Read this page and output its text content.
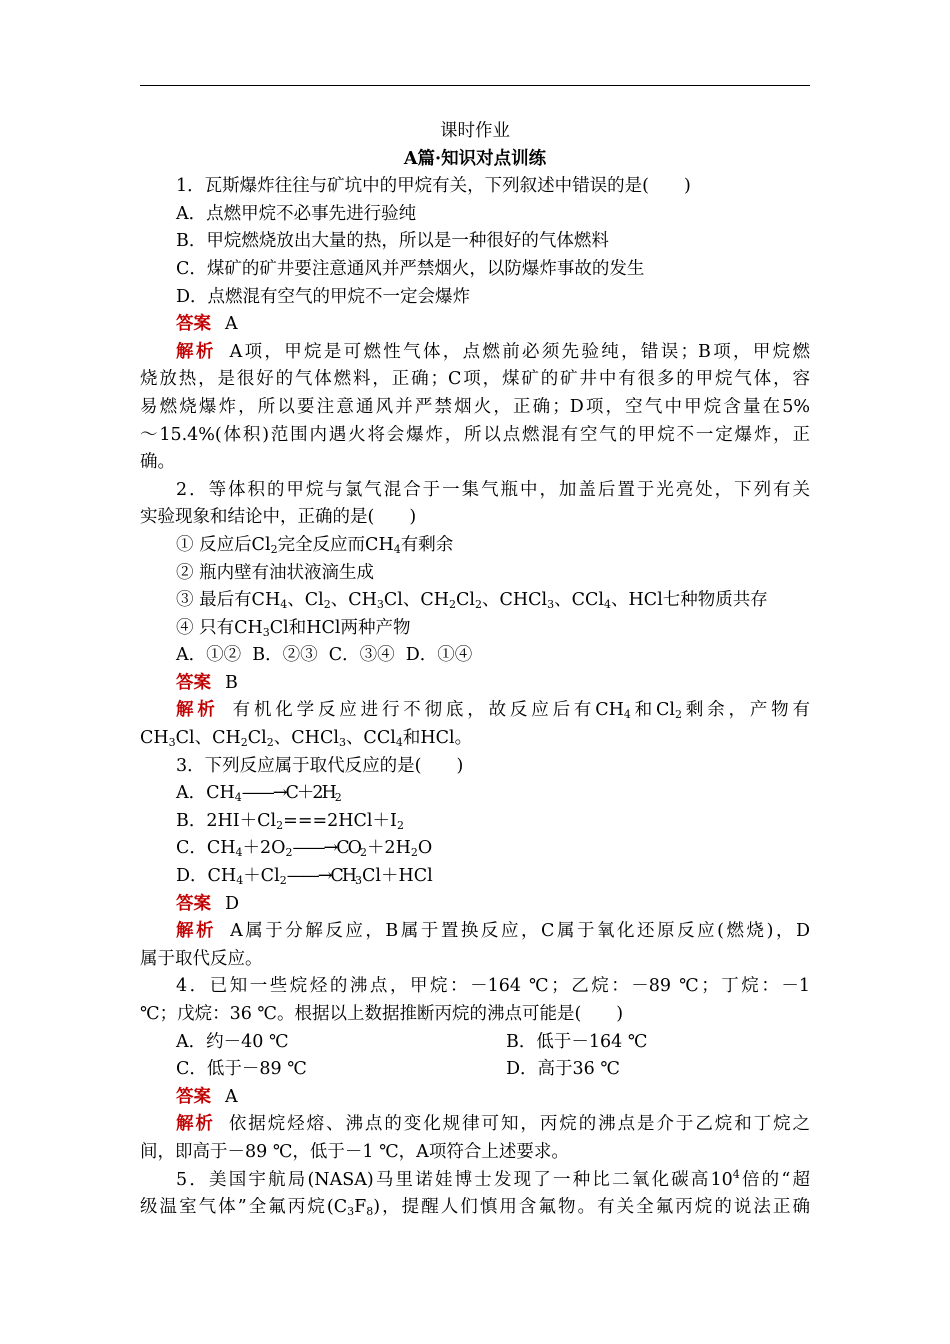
课时作业
A篇·知识对点训练
1．瓦斯爆炸往往与矿坑中的甲烷有关，下列叙述中错误的是(　　)
A．点燃甲烷不必事先进行验纯
B．甲烷燃烧放出大量的热，所以是一种很好的气体燃料
C．煤矿的矿井要注意通风并严禁烟火，以防爆炸事故的发生
D．点燃混有空气的甲烷不一定会爆炸
答案 A
解析 A项，甲烷是可燃性气体，点燃前必须先验纯，错误；B项，甲烷燃
烧放热，是很好的气体燃料，正确；C项，煤矿的矿井中有很多的甲烷气体，容
易燃烧爆炸，所以要注意通风并严禁烟火，正确；D项，空气中甲烷含量在5%
～15.4%(体积)范围内遇火将会爆炸，所以点燃混有空气的甲烷不一定爆炸，正
确。
2．等体积的甲烷与氯气混合于一集气瓶中，加盖后置于光亮处，下列有关
实验现象和结论中，正确的是(　　)
① 反应后$Cl_2$完全反应而$CH_4$有剩余
② 瓶内壁有油状液滴生成
③ 最后有$CH_4$、$Cl_2$、$CH_3Cl$、$CH_2Cl_2$、CHCl$_3$、CCl$_4$、HCl七种物质共存
④ 只有$CH_3Cl$和HCl两种产物
A．①②  B．②③  C．③④  D．①④
答案 B
解析 有机化学反应进行不彻底，故反应后有$CH_4$和$Cl_2$剩余，产物有
$CH_3Cl$、$CH_2Cl_2$、CHCl$_3$、CCl$_4$和HCl。
3．下列反应属于取代反应的是(　　)
A．$CH_4——\to C+2H_2$
B．$2HI+Cl_2===2HCl+I_2$
C．$CH_4+2O_2——\to CO_2+2H_2O$
D．$CH_4+Cl_2——\to CH_3Cl+HCl$
答案 D
解析 A属于分解反应，B属于置换反应，C属于氧化还原反应(燃烧)，D
属于取代反应。
4．已知一些烷烃的沸点，甲烷：－164 ℃；乙烷：－89 ℃；丁烷：－1
℃；戊烷：36 ℃。根据以上数据推断丙烷的沸点可能是(　　)
A．约－40 ℃	B．低于－164 ℃
C．低于－89 ℃	D．高于36 ℃
答案 A
解析 依据烷烃熔、沸点的变化规律可知，丙烷的沸点是介于乙烷和丁烷之
间，即高于－89 ℃，低于－1 ℃，A项符合上述要求。
5．美国宇航局(NASA)马里诺娃博士发现了一种比二氧化碳高$10^4$倍的“超
级温室气体”全氟丙烷$(C_3F_8)$，提醒人们慎用含氟物。有关全氟丙烷的说法正确
